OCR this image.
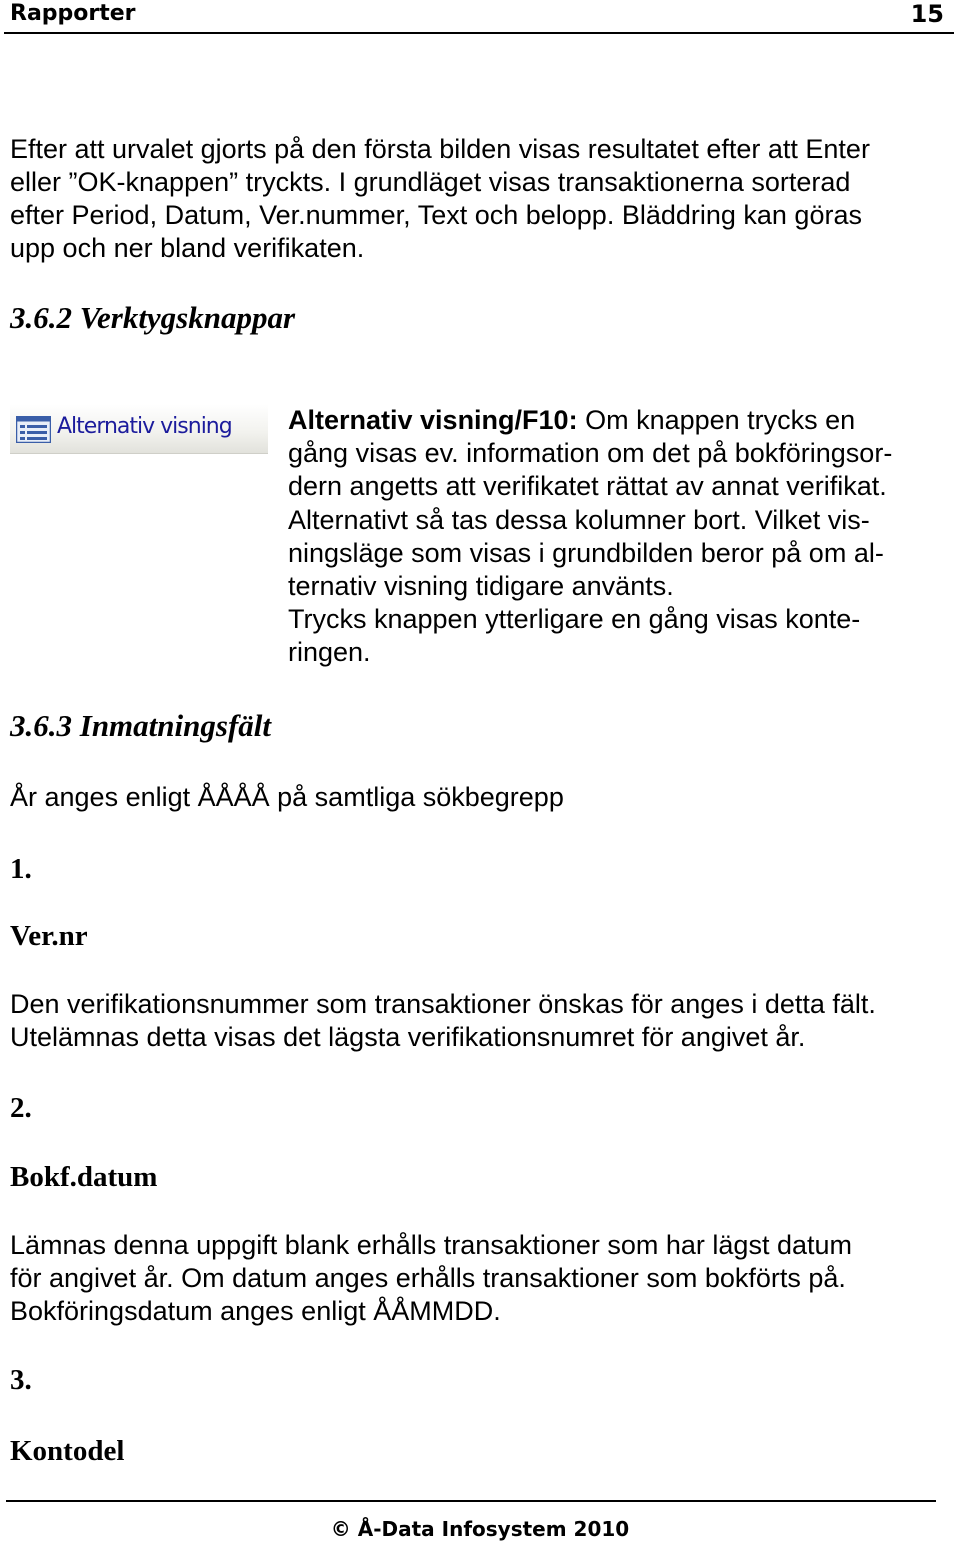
Rapporter	15
Efter att urvalet gjorts på den första bilden visas resultatet efter att Enter
eller ”OK-knappen” tryckts. I grundläget visas transaktionerna sorterad
efter Period, Datum, Ver.nummer, Text och belopp. Bläddring kan göras
upp och ner bland verifikaten.
3.6.2 Verktygsknappar
Alternativ visning Alternativ visning/F10: Om knappen trycks en
gång visas ev. information om det på bokföringsor-
dern angetts att verifikatet rättat av annat verifikat.
Alternativt så tas dessa kolumner bort. Vilket vis-
ningsläge som visas i grundbilden beror på om al-
ternativ visning tidigare använts.
Trycks knappen ytterligare en gång visas konte-
ringen.
3.6.3 Inmatningsfält
År anges enligt ÅÅÅÅ på samtliga sökbegrepp
1.
Ver.nr
Den verifikationsnummer som transaktioner önskas för anges i detta fält.
Utelämnas detta visas det lägsta verifikationsnumret för angivet år.
2.
Bokf.datum
Lämnas denna uppgift blank erhålls transaktioner som har lägst datum
för angivet år. Om datum anges erhålls transaktioner som bokförts på.
Bokföringsdatum anges enligt ÅÅMMDD.
3.
Kontodel
© Å-Data Infosystem 2010
